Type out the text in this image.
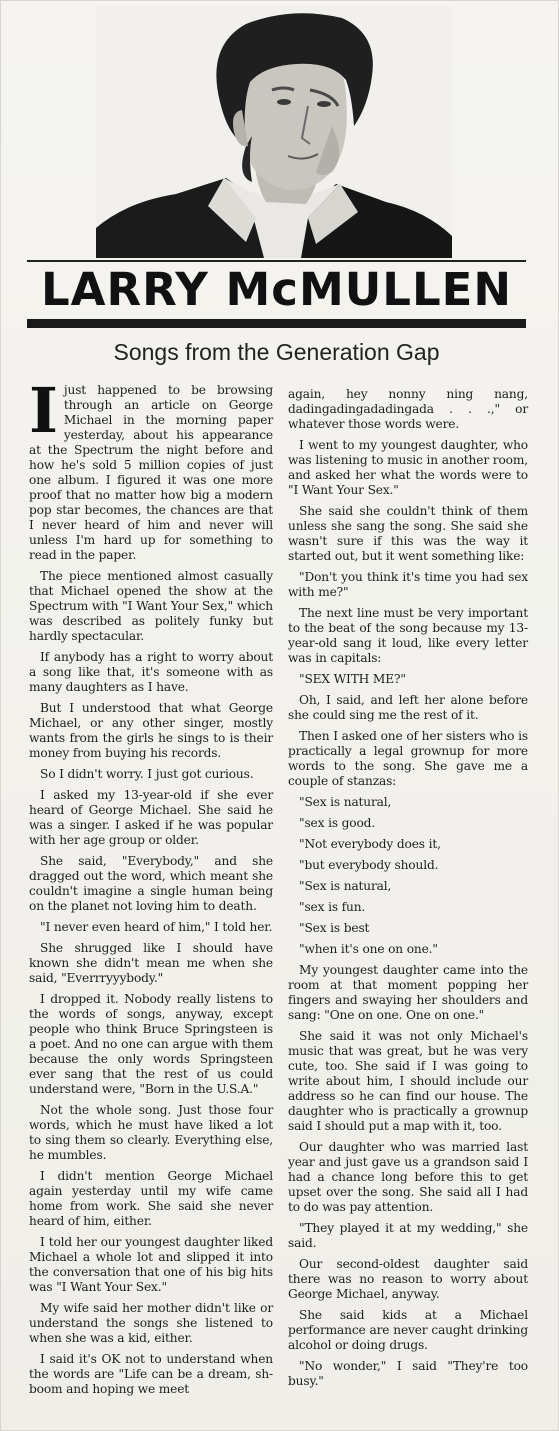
LARRY McMULLEN
Songs from the Generation Gap

I just happened to be browsing through an article on George Michael in the morning paper yesterday, about his appearance at the Spectrum the night before and how he's sold 5 million copies of just one album. I figured it was one more proof that no matter how big a modern pop star becomes, the chances are that I never heard of him and never will unless I'm hard up for something to read in the paper.

The piece mentioned almost casually that Michael opened the show at the Spectrum with "I Want Your Sex," which was described as politely funky but hardly spectacular.

If anybody has a right to worry about a song like that, it's someone with as many daughters as I have.

But I understood that what George Michael, or any other singer, mostly wants from the girls he sings to is their money from buying his records.

So I didn't worry. I just got curious.

I asked my 13-year-old if she ever heard of George Michael. She said he was a singer. I asked if he was popular with her age group or older.

She said, "Everybody," and she dragged out the word, which meant she couldn't imagine a single human being on the planet not loving him to death.

"I never even heard of him," I told her.

She shrugged like I should have known she didn't mean me when she said, "Everrryyybody."

I dropped it. Nobody really listens to the words of songs, anyway, except people who think Bruce Springsteen is a poet. And no one can argue with them because the only words Springsteen ever sang that the rest of us could understand were, "Born in the U.S.A."

Not the whole song. Just those four words, which he must have liked a lot to sing them so clearly. Everything else, he mumbles.

I didn't mention George Michael again yesterday until my wife came home from work. She said she never heard of him, either.

I told her our youngest daughter liked Michael a whole lot and slipped it into the conversation that one of his big hits was "I Want Your Sex."

My wife said her mother didn't like or understand the songs she listened to when she was a kid, either.

I said it's OK not to understand when the words are "Life can be a dream, sh-boom and hoping we meet

again, hey nonny ning nang, dadingadingadadingada . . .," or whatever those words were.

I went to my youngest daughter, who was listening to music in another room, and asked her what the words were to "I Want Your Sex."

She said she couldn't think of them unless she sang the song. She said she wasn't sure if this was the way it started out, but it went something like:

"Don't you think it's time you had sex with me?"

The next line must be very important to the beat of the song because my 13-year-old sang it loud, like every letter was in capitals:

"SEX WITH ME?"

Oh, I said, and left her alone before she could sing me the rest of it.

Then I asked one of her sisters who is practically a legal grownup for more words to the song. She gave me a couple of stanzas:

"Sex is natural,

"sex is good.

"Not everybody does it,

"but everybody should.

"Sex is natural,

"sex is fun.

"Sex is best

"when it's one on one."

My youngest daughter came into the room at that moment popping her fingers and swaying her shoulders and sang: "One on one. One on one."

She said it was not only Michael's music that was great, but he was very cute, too. She said if I was going to write about him, I should include our address so he can find our house. The daughter who is practically a grownup said I should put a map with it, too.

Our daughter who was married last year and just gave us a grandson said I had a chance long before this to get upset over the song. She said all I had to do was pay attention.

"They played it at my wedding," she said.

Our second-oldest daughter said there was no reason to worry about George Michael, anyway.

She said kids at a Michael performance are never caught drinking alcohol or doing drugs.

"No wonder," I said "They're too busy."
